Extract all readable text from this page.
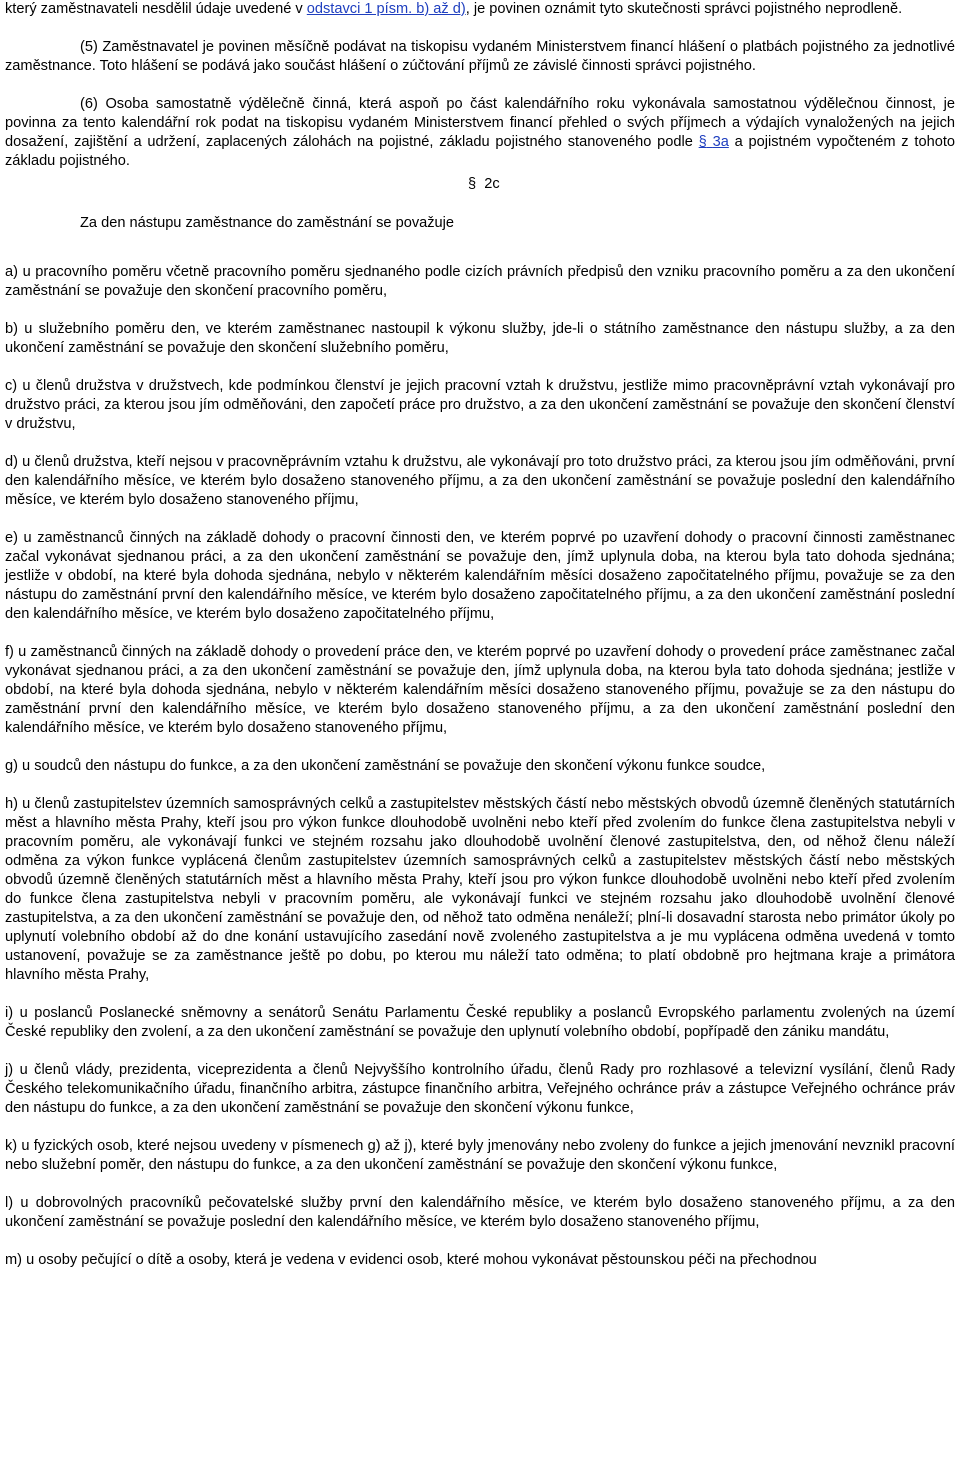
který zaměstnavateli nesdělil údaje uvedené v odstavci 1 písm. b) až d), je povinen oznámit tyto skutečnosti správci pojistného neprodleně.

(5) Zaměstnavatel je povinen měsíčně podávat na tiskopisu vydaném Ministerstvem financí hlášení o platbách pojistného za jednotlivé zaměstnance. Toto hlášení se podává jako součást hlášení o zúčtování příjmů ze závislé činnosti správci pojistného.

(6) Osoba samostatně výdělečně činná, která aspoň po část kalendářního roku vykonávala samostatnou výdělečnou činnost, je povinna za tento kalendářní rok podat na tiskopisu vydaném Ministerstvem financí přehled o svých příjmech a výdajích vynaložených na jejich dosažení, zajištění a udržení, zaplacených zálohách na pojistné, základu pojistného stanoveného podle § 3a a pojistném vypočteném z tohoto základu pojistného.

§ 2c
Za den nástupu zaměstnance do zaměstnání se považuje

a) u pracovního poměru včetně pracovního poměru sjednaného podle cizích právních předpisů den vzniku pracovního poměru a za den ukončení zaměstnání se považuje den skončení pracovního poměru,

b) u služebního poměru den, ve kterém zaměstnanec nastoupil k výkonu služby, jde-li o státního zaměstnance den nástupu služby, a za den ukončení zaměstnání se považuje den skončení služebního poměru,

c) u členů družstva v družstvech, kde podmínkou členství je jejich pracovní vztah k družstvu, jestliže mimo pracovněprávní vztah vykonávají pro družstvo práci, za kterou jsou jím odměňováni, den započetí práce pro družstvo, a za den ukončení zaměstnání se považuje den skončení členství v družstvu,

d) u členů družstva, kteří nejsou v pracovněprávním vztahu k družstvu, ale vykonávají pro toto družstvo práci, za kterou jsou jím odměňováni, první den kalendářního měsíce, ve kterém bylo dosaženo stanoveného příjmu, a za den ukončení zaměstnání se považuje poslední den kalendářního měsíce, ve kterém bylo dosaženo stanoveného příjmu,

e) u zaměstnanců činných na základě dohody o pracovní činnosti den, ve kterém poprvé po uzavření dohody o pracovní činnosti zaměstnanec začal vykonávat sjednanou práci, a za den ukončení zaměstnání se považuje den, jímž uplynula doba, na kterou byla tato dohoda sjednána; jestliže v období, na které byla dohoda sjednána, nebylo v některém kalendářním měsíci dosaženo započitatelného příjmu, považuje se za den nástupu do zaměstnání první den kalendářního měsíce, ve kterém bylo dosaženo započitatelného příjmu, a za den ukončení zaměstnání poslední den kalendářního měsíce, ve kterém bylo dosaženo započitatelného příjmu,

f) u zaměstnanců činných na základě dohody o provedení práce den, ve kterém poprvé po uzavření dohody o provedení práce zaměstnanec začal vykonávat sjednanou práci, a za den ukončení zaměstnání se považuje den, jímž uplynula doba, na kterou byla tato dohoda sjednána; jestliže v období, na které byla dohoda sjednána, nebylo v některém kalendářním měsíci dosaženo stanoveného příjmu, považuje se za den nástupu do zaměstnání první den kalendářního měsíce, ve kterém bylo dosaženo stanoveného příjmu, a za den ukončení zaměstnání poslední den kalendářního měsíce, ve kterém bylo dosaženo stanoveného příjmu,

g) u soudců den nástupu do funkce, a za den ukončení zaměstnání se považuje den skončení výkonu funkce soudce,

h) u členů zastupitelstev územních samosprávných celků a zastupitelstev městských částí nebo městských obvodů územně členěných statutárních měst a hlavního města Prahy, kteří jsou pro výkon funkce dlouhodobě uvolněni nebo kteří před zvolením do funkce člena zastupitelstva nebyli v pracovním poměru, ale vykonávají funkci ve stejném rozsahu jako dlouhodobě uvolnění členové zastupitelstva, den, od něhož členu náleží odměna za výkon funkce vyplácená členům zastupitelstev územních samosprávných celků a zastupitelstev městských částí nebo městských obvodů územně členěných statutárních měst a hlavního města Prahy, kteří jsou pro výkon funkce dlouhodobě uvolněni nebo kteří před zvolením do funkce člena zastupitelstva nebyli v pracovním poměru, ale vykonávají funkci ve stejném rozsahu jako dlouhodobě uvolnění členové zastupitelstva, a za den ukončení zaměstnání se považuje den, od něhož tato odměna nenáleží; plní-li dosavadní starosta nebo primátor úkoly po uplynutí volebního období až do dne konání ustavujícího zasedání nově zvoleného zastupitelstva a je mu vyplácena odměna uvedená v tomto ustanovení, považuje se za zaměstnance ještě po dobu, po kterou mu náleží tato odměna; to platí obdobně pro hejtmana kraje a primátora hlavního města Prahy,

i) u poslanců Poslanecké sněmovny a senátorů Senátu Parlamentu České republiky a poslanců Evropského parlamentu zvolených na území České republiky den zvolení, a za den ukončení zaměstnání se považuje den uplynutí volebního období, popřípadě den zániku mandátu,

j) u členů vlády, prezidenta, viceprezidenta a členů Nejvyššího kontrolního úřadu, členů Rady pro rozhlasové a televizní vysílání, členů Rady Českého telekomunikačního úřadu, finančního arbitra, zástupce finančního arbitra, Veřejného ochránce práv a zástupce Veřejného ochránce práv den nástupu do funkce, a za den ukončení zaměstnání se považuje den skončení výkonu funkce,

k) u fyzických osob, které nejsou uvedeny v písmenech g) až j), které byly jmenovány nebo zvoleny do funkce a jejich jmenování nevznikl pracovní nebo služební poměr, den nástupu do funkce, a za den ukončení zaměstnání se považuje den skončení výkonu funkce,

l) u dobrovolných pracovníků pečovatelské služby první den kalendářního měsíce, ve kterém bylo dosaženo stanoveného příjmu, a za den ukončení zaměstnání se považuje poslední den kalendářního měsíce, ve kterém bylo dosaženo stanoveného příjmu,

m) u osoby pečující o dítě a osoby, která je vedena v evidenci osob, které mohou vykonávat pěstounskou péči na přechodnou
